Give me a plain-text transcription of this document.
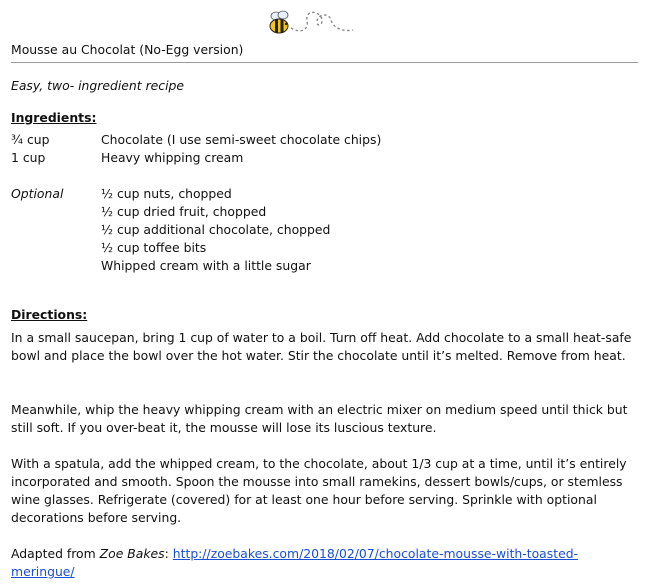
Mousse au Chocolat (No-Egg version)
Easy, two- ingredient recipe
Ingredients:
¾ cup	Chocolate (I use semi-sweet chocolate chips)
1 cup	Heavy whipping cream
Optional	½ cup nuts, chopped
½ cup dried fruit, chopped
½ cup additional chocolate, chopped
½ cup toffee bits
Whipped cream with a little sugar
Directions:

In a small saucepan, bring 1 cup of water to a boil. Turn off heat. Add chocolate to a small heat-safe bowl and place the bowl over the hot water. Stir the chocolate until it’s melted. Remove from heat.

Meanwhile, whip the heavy whipping cream with an electric mixer on medium speed until thick but still soft. If you over-beat it, the mousse will lose its luscious texture.

With a spatula, add the whipped cream, to the chocolate, about 1/3 cup at a time, until it’s entirely incorporated and smooth. Spoon the mousse into small ramekins, dessert bowls/cups, or stemless wine glasses. Refrigerate (covered) for at least one hour before serving. Sprinkle with optional decorations before serving.

Adapted from Zoe Bakes: http://zoebakes.com/2018/02/07/chocolate-mousse-with-toasted-meringue/
